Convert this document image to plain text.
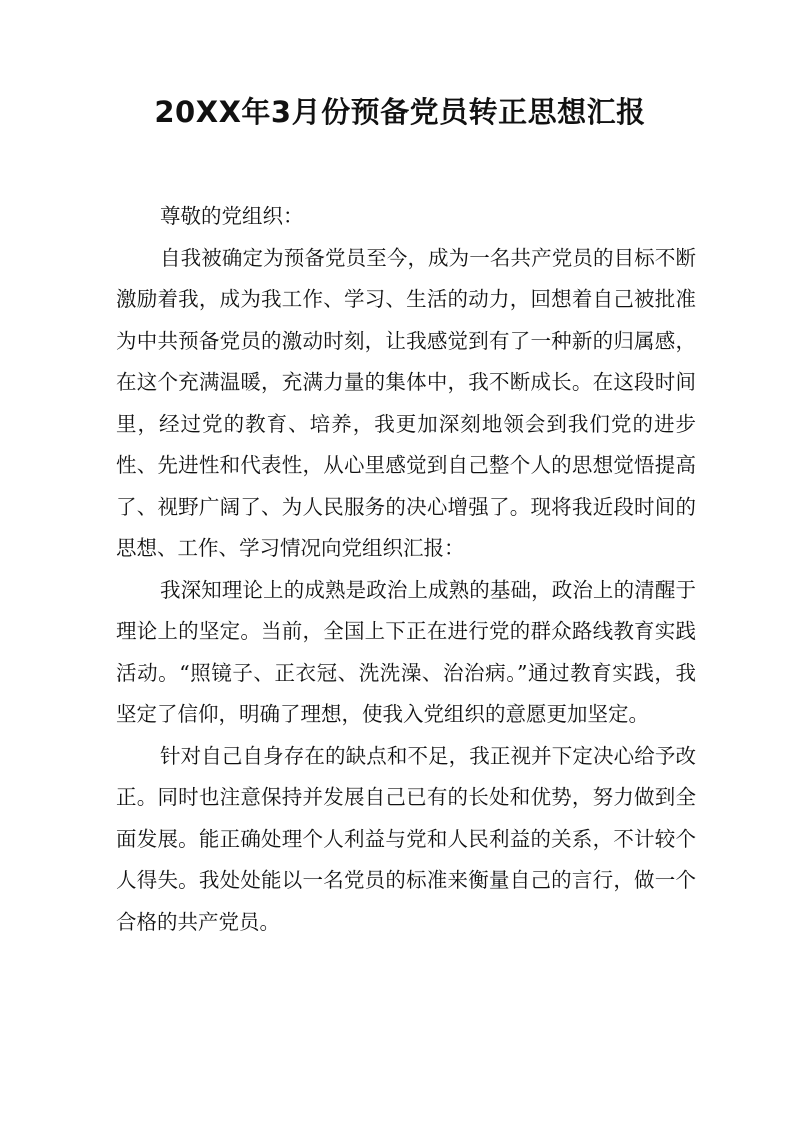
20XX年3月份预备党员转正思想汇报

尊敬的党组织：

自我被确定为预备党员至今，成为一名共产党员的目标不断激励着我，成为我工作、学习、生活的动力，回想着自己被批准为中共预备党员的激动时刻，让我感觉到有了一种新的归属感，在这个充满温暖，充满力量的集体中，我不断成长。在这段时间里，经过党的教育、培养，我更加深刻地领会到我们党的进步性、先进性和代表性，从心里感觉到自己整个人的思想觉悟提高了、视野广阔了、为人民服务的决心增强了。现将我近段时间的思想、工作、学习情况向党组织汇报：

我深知理论上的成熟是政治上成熟的基础，政治上的清醒于理论上的坚定。当前，全国上下正在进行党的群众路线教育实践活动。“照镜子、正衣冠、洗洗澡、治治病。”通过教育实践，我坚定了信仰，明确了理想，使我入党组织的意愿更加坚定。

针对自己自身存在的缺点和不足，我正视并下定决心给予改正。同时也注意保持并发展自己已有的长处和优势，努力做到全面发展。能正确处理个人利益与党和人民利益的关系，不计较个人得失。我处处能以一名党员的标准来衡量自己的言行，做一个合格的共产党员。
